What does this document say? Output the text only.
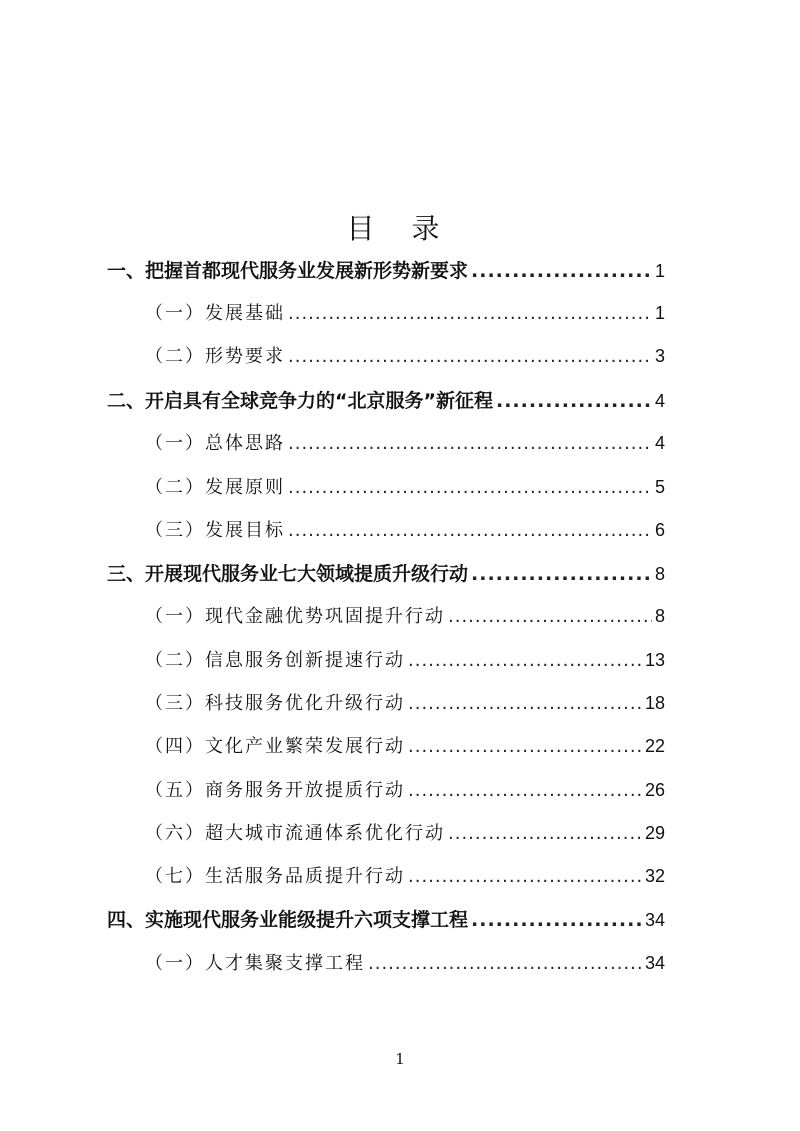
目 录
一、把握首都现代服务业发展新形势新要求 .....	1
（一）发展基础 .....	1
（二）形势要求 .....	3
二、开启具有全球竞争力的“北京服务”新征程 .....	4
（一）总体思路 .....	4
（二）发展原则 .....	5
（三）发展目标 .....	6
三、开展现代服务业七大领域提质升级行动 .....	8
（一）现代金融优势巩固提升行动 .....	8
（二）信息服务创新提速行动 .....	13
（三）科技服务优化升级行动 .....	18
（四）文化产业繁荣发展行动 .....	22
（五）商务服务开放提质行动 .....	26
（六）超大城市流通体系优化行动 .....	29
（七）生活服务品质提升行动 .....	32
四、实施现代服务业能级提升六项支撑工程 .....	34
（一）人才集聚支撑工程 .....	34
1
